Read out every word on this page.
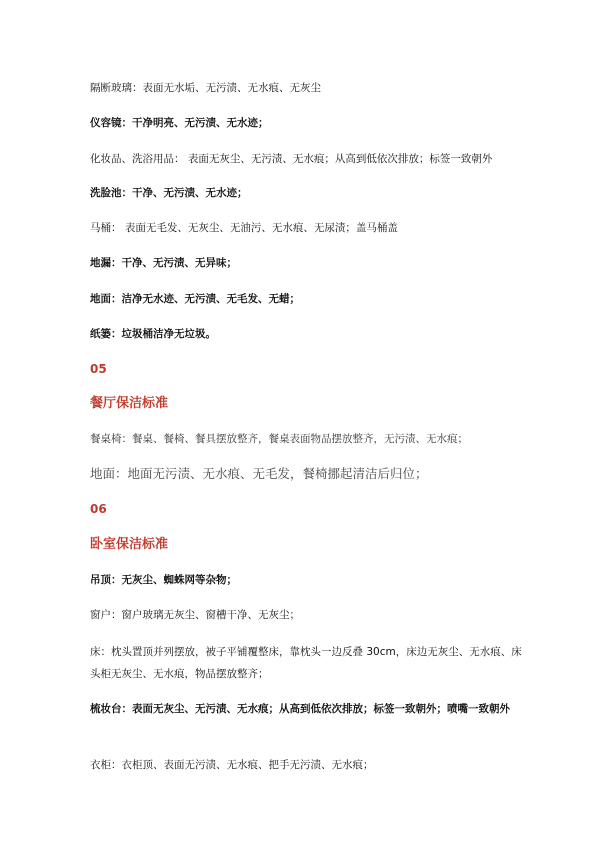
隔断玻璃：表面无水垢、无污渍、无水痕、无灰尘
仪容镜：干净明亮、无污渍、无水迹；
化妆品、洗浴用品： 表面无灰尘、无污渍、无水痕；从高到低依次排放；标签一致朝外
洗脸池：干净、无污渍、无水迹；
马桶： 表面无毛发、无灰尘、无油污、无水痕、无尿渍；盖马桶盖
地漏：干净、无污渍、无异味；
地面：洁净无水迹、无污渍、无毛发、无蜡；
纸篓：垃圾桶洁净无垃圾。
05
餐厅保洁标准
餐桌椅：餐桌、餐椅、餐具摆放整齐，餐桌表面物品摆放整齐，无污渍、无水痕；
地面：地面无污渍、无水痕、无毛发，餐椅挪起清洁后归位；
06
卧室保洁标准
吊顶：无灰尘、蜘蛛网等杂物；
窗户：窗户玻璃无灰尘、窗槽干净、无灰尘；
床：枕头置顶并列摆放，被子平铺覆整床，靠枕头一边反叠 30cm，床边无灰尘、无水痕、床头柜无灰尘、无水痕，物品摆放整齐；
梳妆台：表面无灰尘、无污渍、无水痕；从高到低依次排放；标签一致朝外；喷嘴一致朝外
衣柜：衣柜顶、表面无污渍、无水痕、把手无污渍、无水痕；
